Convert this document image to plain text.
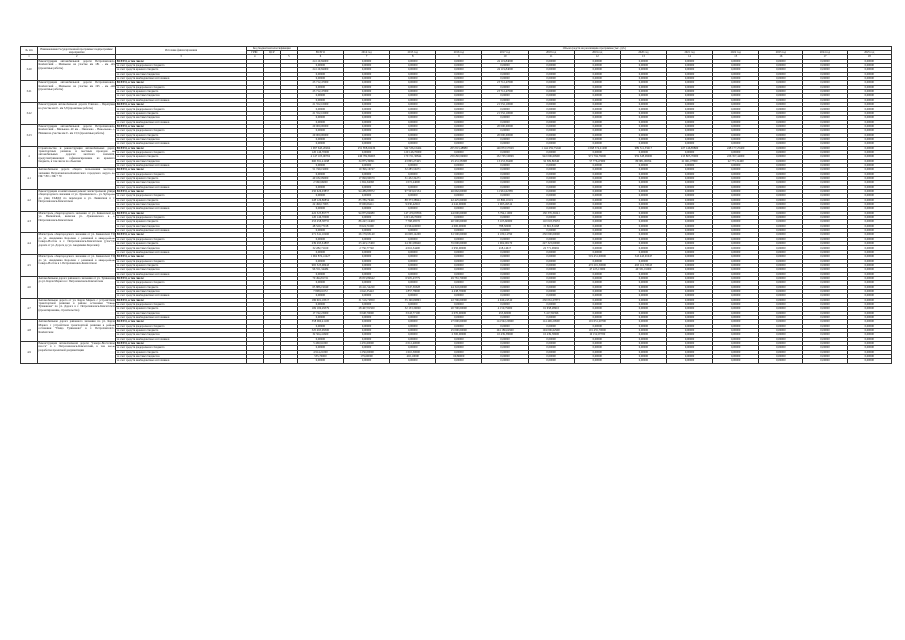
№ п/п	Наименование Государственной программы/ подпрограммы/ мероприятия	Источник финансирования	Код бюджетной классификации			Объем средств на реализацию программы (тыс. руб.)												
			ГРБС	ЦСР		ВСЕГО	2014 год	2015 год	2016 год	2017 год	2018 год	2019 год	2020 год	2021 год	2022 год	2023 год	2024 год	2025 год
1	2	3	4		5	6	7	8	9	10	11	12	13	14	15	16	17	18
3.20	Реконструкция автомобильной дороги Петропавловск-Камчатский - Мильково на участке км 181 - км 195 (проектные работы)	ВСЕГО, в том числе:				24 119,84000	0,00000	0,00000	0,00000	24 119,84000	0,00000	0,00000	0,00000	0,00000	0,00000	0,00000	0,00000	0,00000
		за счет средств федерального бюджета				0,00000	0,00000	0,00000	0,00000	0,00000	0,00000	0,00000	0,00000	0,00000	0,00000	0,00000	0,00000	0,00000
		за счет средств краевого бюджета				24 119,84000	0,00000	0,00000	0,00000	24 119,84000	0,00000	0,00000	0,00000	0,00000	0,00000	0,00000	0,00000	0,00000
		за счет средств местных бюджетов				0,00000	0,00000	0,00000	0,00000	0,00000	0,00000	0,00000	0,00000	0,00000	0,00000	0,00000	0,00000	0,00000
		за счет средств внебюджетных источников				0,00000	0,00000	0,00000	0,00000	0,00000	0,00000	0,00000	0,00000	0,00000	0,00000	0,00000	0,00000	0,00000
3.21	Реконструкция автомобильной дороги Петропавловск-Камчатский - Мильково на участке км 195 - км 208 (проектные работы)	ВСЕГО, в том числе:				23 712,47000	0,00000	0,00000	0,00000	23 712,47000	0,00000	0,00000	0,00000	0,00000	0,00000	0,00000	0,00000	0,00000
		за счет средств федерального бюджета				0,00000	0,00000	0,00000	0,00000	0,00000	0,00000	0,00000	0,00000	0,00000	0,00000	0,00000	0,00000	0,00000
		за счет средств краевого бюджета				23 712,47000	0,00000	0,00000	0,00000	23 712,47000	0,00000	0,00000	0,00000	0,00000	0,00000	0,00000	0,00000	0,00000
		за счет средств местных бюджетов				0,00000	0,00000	0,00000	0,00000	0,00000	0,00000	0,00000	0,00000	0,00000	0,00000	0,00000	0,00000	0,00000
		за счет средств внебюджетных источников				0,00000	0,00000	0,00000	0,00000	0,00000	0,00000	0,00000	0,00000	0,00000	0,00000	0,00000	0,00000	0,00000
3.22	Реконструкция автомобильной дороги Елизово - Паратунка на участке км 0 - км 5,8 (проектные работы)	ВСЕГО, в том числе:				21 552,10000	0,00000	0,00000	0,00000	21 552,10000	0,00000	0,00000	0,00000	0,00000	0,00000	0,00000	0,00000	0,00000
		за счет средств федерального бюджета				0,00000	0,00000	0,00000	0,00000	0,00000	0,00000	0,00000	0,00000	0,00000	0,00000	0,00000	0,00000	0,00000
		за счет средств краевого бюджета				21 552,10000	0,00000	0,00000	0,00000	21 552,10000	0,00000	0,00000	0,00000	0,00000	0,00000	0,00000	0,00000	0,00000
		за счет средств местных бюджетов				0,00000	0,00000	0,00000	0,00000	0,00000	0,00000	0,00000	0,00000	0,00000	0,00000	0,00000	0,00000	0,00000
		за счет средств внебюджетных источников				0,00000	0,00000	0,00000	0,00000	0,00000	0,00000	0,00000	0,00000	0,00000	0,00000	0,00000	0,00000	0,00000
3.23	Реконструкция автомобильной дороги Петропавловск-Камчатский - Мильково 40 км - Пиначево - Николаевка с. Начики на участке км 0 - км 13,5 (проектные работы)	ВСЕГО, в том числе:				20 000,00000	0,00000	0,00000	0,00000	20 000,00000	0,00000	0,00000	0,00000	0,00000	0,00000	0,00000	0,00000	0,00000
		за счет средств федерального бюджета				0,00000	0,00000	0,00000	0,00000	0,00000	0,00000	0,00000	0,00000	0,00000	0,00000	0,00000	0,00000	0,00000
		за счет средств краевого бюджета				20 000,00000	0,00000	0,00000	0,00000	20 000,00000	0,00000	0,00000	0,00000	0,00000	0,00000	0,00000	0,00000	0,00000
		за счет средств местных бюджетов				0,00000	0,00000	0,00000	0,00000	0,00000	0,00000	0,00000	0,00000	0,00000	0,00000	0,00000	0,00000	0,00000
		за счет средств внебюджетных источников				0,00000	0,00000	0,00000	0,00000	0,00000	0,00000	0,00000	0,00000	0,00000	0,00000	0,00000	0,00000	0,00000
4	Строительство и реконструкция автомобильных дорог, транспортных развязок и местных проездов на автомобильных дорогах местного значения, предусматривающих софинансирование из краевого бюджета, в том числе по объектам	ВСЕГО, в том числе:				1 997 643,20264	251 858,02436	342 536,10464	205 813,48880	146 853,57629	1 144 259,75246	1 068 374,21290	989 511,55617	227 146,85800	248 177,25400	0,00000	0,00000	0,00000
		за счет средств федерального бюджета				120 146,70000	0,00000	120 146,70000	0,00000	0,00000	0,00000	0,00000	0,00000	0,00000	0,00000	0,00000	0,00000	0,00000
		за счет средств краевого бюджета				4 147 105,00762	240 782,69905	170 721,30844	259 290,99900	132 795,50099	922 006,60900	971 794,76000	959 328,09000	215 805,70000	226 357,44000	0,00000	0,00000	0,00000
		за счет средств местных бюджетов				660 391,41298	34 875,39991	43 865,27425	25 431,58398	13 253,56400	32 509,86346	57 776,47000	89 981,00954	21 661,07800	22 775,31400	0,00000	0,00000	0,00000
		за счет средств внебюджетных источников				0,00000	0,00000	0,00000	0,00000	0,00000	0,00000	0,00000	0,00000	0,00000	0,00000	0,00000	0,00000	0,00000
4.1	Автомобильная дорога общего пользования местного значения Петропавловск-Камчатского городского округа по ПК + 80 = ПК + 70	ВСЕГО, в том числе:				51 749,19000	19 396,16747	32 285,50271	0,00000	0,00000	0,00000	0,00000	0,00000	0,00000	0,00000	0,00000	0,00000	0,00000
		за счет средств федерального бюджета				0,00000	0,00000	0,00000	0,00000	0,00000	0,00000	0,00000	0,00000	0,00000	0,00000	0,00000	0,00000	0,00000
		за счет средств краевого бюджета				49 182,09000	17 690,90679	31 452,34271	0,00000	0,00000	0,00000	0,00000	0,00000	0,00000	0,00000	0,00000	0,00000	0,00000
		за счет средств местных бюджетов				2 566,96000	1 394,34068	1 072,24000	0,00000	0,00000	0,00000	0,00000	0,00000	0,00000	0,00000	0,00000	0,00000	0,00000
		за счет средств внебюджетных источников				0,00000	0,00000	0,00000	0,00000	0,00000	0,00000	0,00000	0,00000	0,00000	0,00000	0,00000	0,00000	0,00000
4.2	Реконструкция и капитальный ремонт магистральной улицы общегородского значения от ул. Лукашевского - ул. Чубарова до улиц ГАБДД по переходом к ул. Ленинская в г. Петропавловск-Камчатском	ВСЕГО, в том числе:				250 626,03857	94 286,85872	97 503,61534	46 662,00000	11 961,62385	0,00000	0,00000	0,00000	0,00000	0,00000	0,00000	0,00000	0,00000
		за счет средств федерального бюджета				0,00000	0,00000	0,00000	0,00000	0,00000	0,00000	0,00000	0,00000	0,00000	0,00000	0,00000	0,00000	0,00000
		за счет средств краевого бюджета				228 126,86854	85 786,79461	88 373,38924	42 425,00000	10 896,10119	0,00000	0,00000	0,00000	0,00000	0,00000	0,00000	0,00000	0,00000
		за счет средств местных бюджетов				22 499,17003	8 500,06411	9 630,42610	4 242,00000	1 065,49512	0,00000	0,00000	0,00000	0,00000	0,00000	0,00000	0,00000	0,00000
		за счет средств внебюджетных источников				0,00000	0,00000	0,00000	0,00000	0,00000	0,00000	0,00000	0,00000	0,00000	0,00000	0,00000	0,00000	0,00000
4.3	Магистраль общегородского значения от ул. Кавказской до ул. Вилюйской, включая ул. Лукашевского в г. Петропавловск-Камчатском	ВСЕГО, в том числе:				422 525,85777	94 875,84980	147 479,05856	44 000,00000	5 794,11000	130 376,39241	0,00000	0,00000	0,00000	0,00000	0,00000	0,00000	0,00000
		за счет средств федерального бюджета				120 146,70000	0,00000	120 146,70000	0,00000	0,00000	0,00000	0,00000	0,00000	0,00000	0,00000	0,00000	0,00000	0,00000
		за счет средств краевого бюджета				253 458,38755	86 247,12400	7 768,28576	40 500,00000	5 105,60000	110 018,35953	0,00000	0,00000	0,00000	0,00000	0,00000	0,00000	0,00000
		за счет средств местных бюджетов				48 520,77018	8 624,71600	23 964,60000	4 000,00000	788,50000	15 861,81168	0,00000	0,00000	0,00000	0,00000	0,00000	0,00000	0,00000
		за счет средств внебюджетных источников				0,00000	0,00000	0,00000	0,00000	0,00000	0,00000	0,00000	0,00000	0,00000	0,00000	0,00000	0,00000	0,00000
4.4	Магистраль общегородского значения от ул. Кавказской ТЦ до ул. Академика Королева с развязкой в микрорайоне Северо-Восток в г. Петропавловск-Камчатском (участок дороги от ул. Дорога до ул. Академика Королева)	ВСЕГО, в том числе:				271 541,10260	26 179,95140	26 608,14268	61 500,00000	2 180,14790	250 000,00000	0,00000	0,00000	0,00000	0,00000	0,00000	0,00000	0,00000
		за счет средств федерального бюджета				0,00000	0,00000	0,00000	0,00000	0,00000	0,00000	0,00000	0,00000	0,00000	0,00000	0,00000	0,00000	0,00000
		за счет средств краевого бюджета				239 293,61897	23 423,17400	24 301,86940	55 000,00000	1 962,00170	227 323,00000	0,00000	0,00000	0,00000	0,00000	0,00000	0,00000	0,00000
		за счет средств местных бюджетов				32 282,71169	2 756,77740	4 016,54400	2 950,00000	218,14617	22 771,99992	0,00000	0,00000	0,00000	0,00000	0,00000	0,00000	0,00000
		за счет средств внебюджетных источников				0,00000	0,00000	0,00000	0,00000	0,00000	0,00000	0,00000	0,00000	0,00000	0,00000	0,00000	0,00000	0,00000
4.5	Магистраль общегородского значения от ул. Кавказской ТЦ до ул. Академика Королева с развязкой в микрорайоне Северо-Восток в г. Петропавловск-Камчатском	ВСЕГО, в том числе:				1 062 874,41427	0,00000	0,00000	0,00000	0,00000	0,00000	519 451,00000	543 443,91047	0,00000	0,00000	0,00000	0,00000	0,00000
		за счет средств федерального бюджета				0,00000	0,00000	0,00000	0,00000	0,00000	0,00000	0,00000	0,00000	0,00000	0,00000	0,00000	0,00000	0,00000
		за счет средств краевого бюджета				965 323,06943	0,00000	0,00000	0,00000	0,00000	0,00000	472 201,30000	493 116,70043	0,00000	0,00000	0,00000	0,00000	0,00000
		за счет средств местных бюджетов				96 551,34484	0,00000	0,00000	0,00000	0,00000	0,00000	47 223,13000	49 331,01000	0,00000	0,00000	0,00000	0,00000	0,00000
		за счет средств внебюджетных источников				0,00000	0,00000	0,00000	0,00000	0,00000	0,00000	0,00000	0,00000	0,00000	0,00000	0,00000	0,00000	0,00000
4.6	Автомобильная дорога районного значения от ул. Тушканова до ул. Карла Маркса в г. Петропавловск-Камчатском	ВСЕГО, в том числе:				70 494,81721	18 053,89642	6 905,43779	49 781,70000	0,00000	0,00000	0,00000	0,00000	0,00000	0,00000	0,00000	0,00000	0,00000
		за счет средств федерального бюджета				0,00000	0,00000	0,00000	0,00000	0,00000	0,00000	0,00000	0,00000	0,00000	0,00000	0,00000	0,00000	0,00000
		за счет средств краевого бюджета				65 886,19049	16 411,54220	5 047,59328	44 343,00000	0,00000	0,00000	0,00000	0,00000	0,00000	0,00000	0,00000	0,00000	0,00000
		за счет средств местных бюджетов				7 898,61672	1 642,35422	1 857,78000	4 438,70000	0,00000	0,00000	0,00000	0,00000	0,00000	0,00000	0,00000	0,00000	0,00000
		за счет средств внебюджетных источников				0,00000	0,00000	0,00000	0,00000	0,00000	0,00000	0,00000	0,00000	0,00000	0,00000	0,00000	0,00000	0,00000
4.7	Автомобильная дорога от ул. Карла Маркса с устройством транспортной развязки в районе остановки "Улица Тушканова" по ул. Дорога в г. Петропавловск-Камчатском (проектирование, строительство)	ВСЕГО, в том числе:				186 601,18317	31 516,72850	35 196,80863	22 796,00000	4 949,24510	230 061,27873	0,00000	0,00000	0,00000	0,00000	0,00000	0,00000	0,00000
		за счет средств федерального бюджета				0,00000	0,00000	0,00000	0,00000	0,00000	0,00000	0,00000	0,00000	0,00000	0,00000	0,00000	0,00000	0,00000
		за счет средств краевого бюджета				169 169,29379	28 467,81500	32 153,39000	20 700,00000	4 150,79000	91 658,28910	0,00000	0,00000	0,00000	0,00000	0,00000	0,00000	0,00000
		за счет средств местных бюджетов				17 742,23000	3 048,79000	3 043,77100	2 070,00000	455,60000	5 417,82396	0,00000	0,00000	0,00000	0,00000	0,00000	0,00000	0,00000
		за счет средств внебюджетных источников				0,00000	0,00000	0,00000	0,00000	0,00000	0,00000	0,00000	0,00000	0,00000	0,00000	0,00000	0,00000	0,00000
4.8	Автомобильная дорога районного значения по ул. Карла Маркса с устройством транспортной развязки в районе остановки "Улица Тушканова" в г. Петропавловск-Камчатском	ВСЕГО, в том числе:				358 060,41100	0,00000	0,00000	27 090,00000	114 592,20900	114 496,20900	101 651,20700	0,00000	0,00000	0,00000	0,00000	0,00000	0,00000
		за счет средств федерального бюджета				0,00000	0,00000	0,00000	0,00000	0,00000	0,00000	0,00000	0,00000	0,00000	0,00000	0,00000	0,00000	0,00000
		за счет средств краевого бюджета				325 495,99500	0,00000	0,00000	25 090,00000	104 186,62900	104 096,62900	101 455,70000	0,00000	0,00000	0,00000	0,00000	0,00000	0,00000
		за счет средств местных бюджетов				32 564,41600	0,00000	0,00000	2 500,00000	10 439,58000	10 439,58000	10 152,07700	0,00000	0,00000	0,00000	0,00000	0,00000	0,00000
		за счет средств внебюджетных источников				0,00000	0,00000	0,00000	0,00000	0,00000	0,00000	0,00000	0,00000	0,00000	0,00000	0,00000	0,00000	0,00000
4.9	Реконструкция автомобильной дороги "Северо-Восточное шоссе" в г. Петропавловск-Камчатский, в том числе разработка проектной документации	ВСЕГО, в том числе:				5 469,91000	1 435,60000	2 012,40000	0,00000	0,00000	0,00000	0,00000	0,00000	0,00000	0,00000	0,00000	0,00000	0,00000
		за счет средств федерального бюджета				0,00000	0,00000	0,00000	0,00000	0,00000	0,00000	0,00000	0,00000	0,00000	0,00000	0,00000	0,00000	0,00000
		за счет средств краевого бюджета				4 914,21000	1 256,00000	1 610,30000	0,00000	0,00000	0,00000	0,00000	0,00000	0,00000	0,00000	0,00000	0,00000	0,00000
		за счет средств местных бюджетов				555,70000	179,60000	402,10000	60,86000	0,00000	0,00000	0,00000	0,00000	0,00000	0,00000	0,00000	0,00000	0,00000
		за счет средств внебюджетных источников				0,00000	0,00000	0,00000	0,00000	0,00000	0,00000	0,00000	0,00000	0,00000	0,00000	0,00000	0,00000	0,00000
